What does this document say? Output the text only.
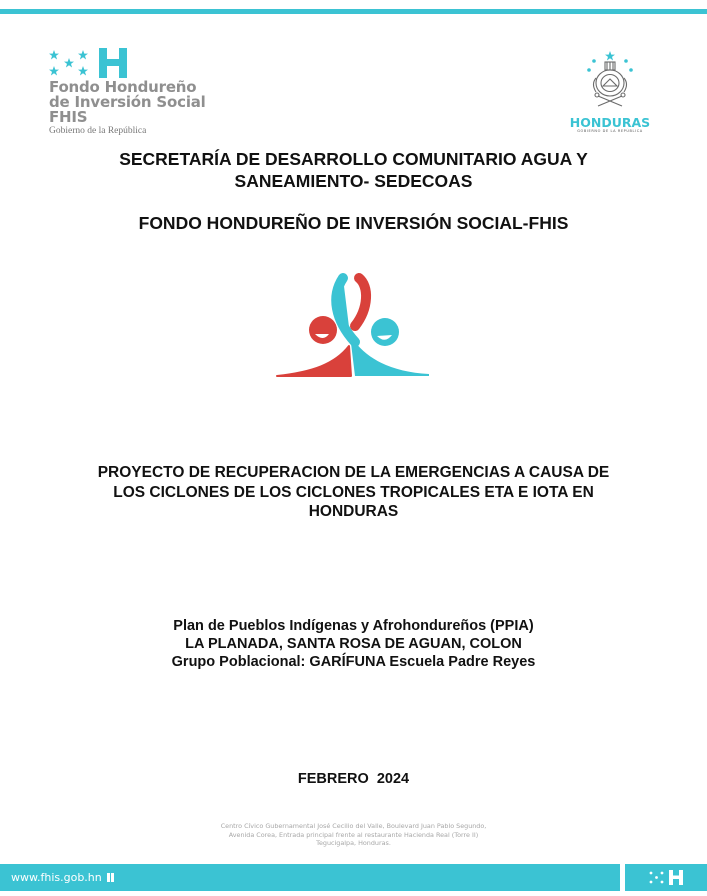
Fondo Hondureño
de Inversión Social
FHIS
Gobierno de la República
HONDURAS
GOBIERNO DE LA REPÚBLICA
SECRETARÍA DE DESARROLLO COMUNITARIO AGUA Y
SANEAMIENTO- SEDECOAS
FONDO HONDUREÑO DE INVERSIÓN SOCIAL-FHIS
PROYECTO DE RECUPERACION DE LA EMERGENCIAS A CAUSA DE
LOS CICLONES DE LOS CICLONES TROPICALES ETA E IOTA EN
HONDURAS
Plan de Pueblos Indígenas y Afrohondureños (PPIA)
LA PLANADA, SANTA ROSA DE AGUAN, COLON
Grupo Poblacional: GARÍFUNA Escuela Padre Reyes
FEBRERO  2024
Centro Cívico Gubernamental José Cecilio del Valle, Boulevard Juan Pablo Segundo,
Avenida Corea, Entrada principal frente al restaurante Hacienda Real (Torre II)
Tegucigalpa, Honduras.
www.fhis.gob.hn
